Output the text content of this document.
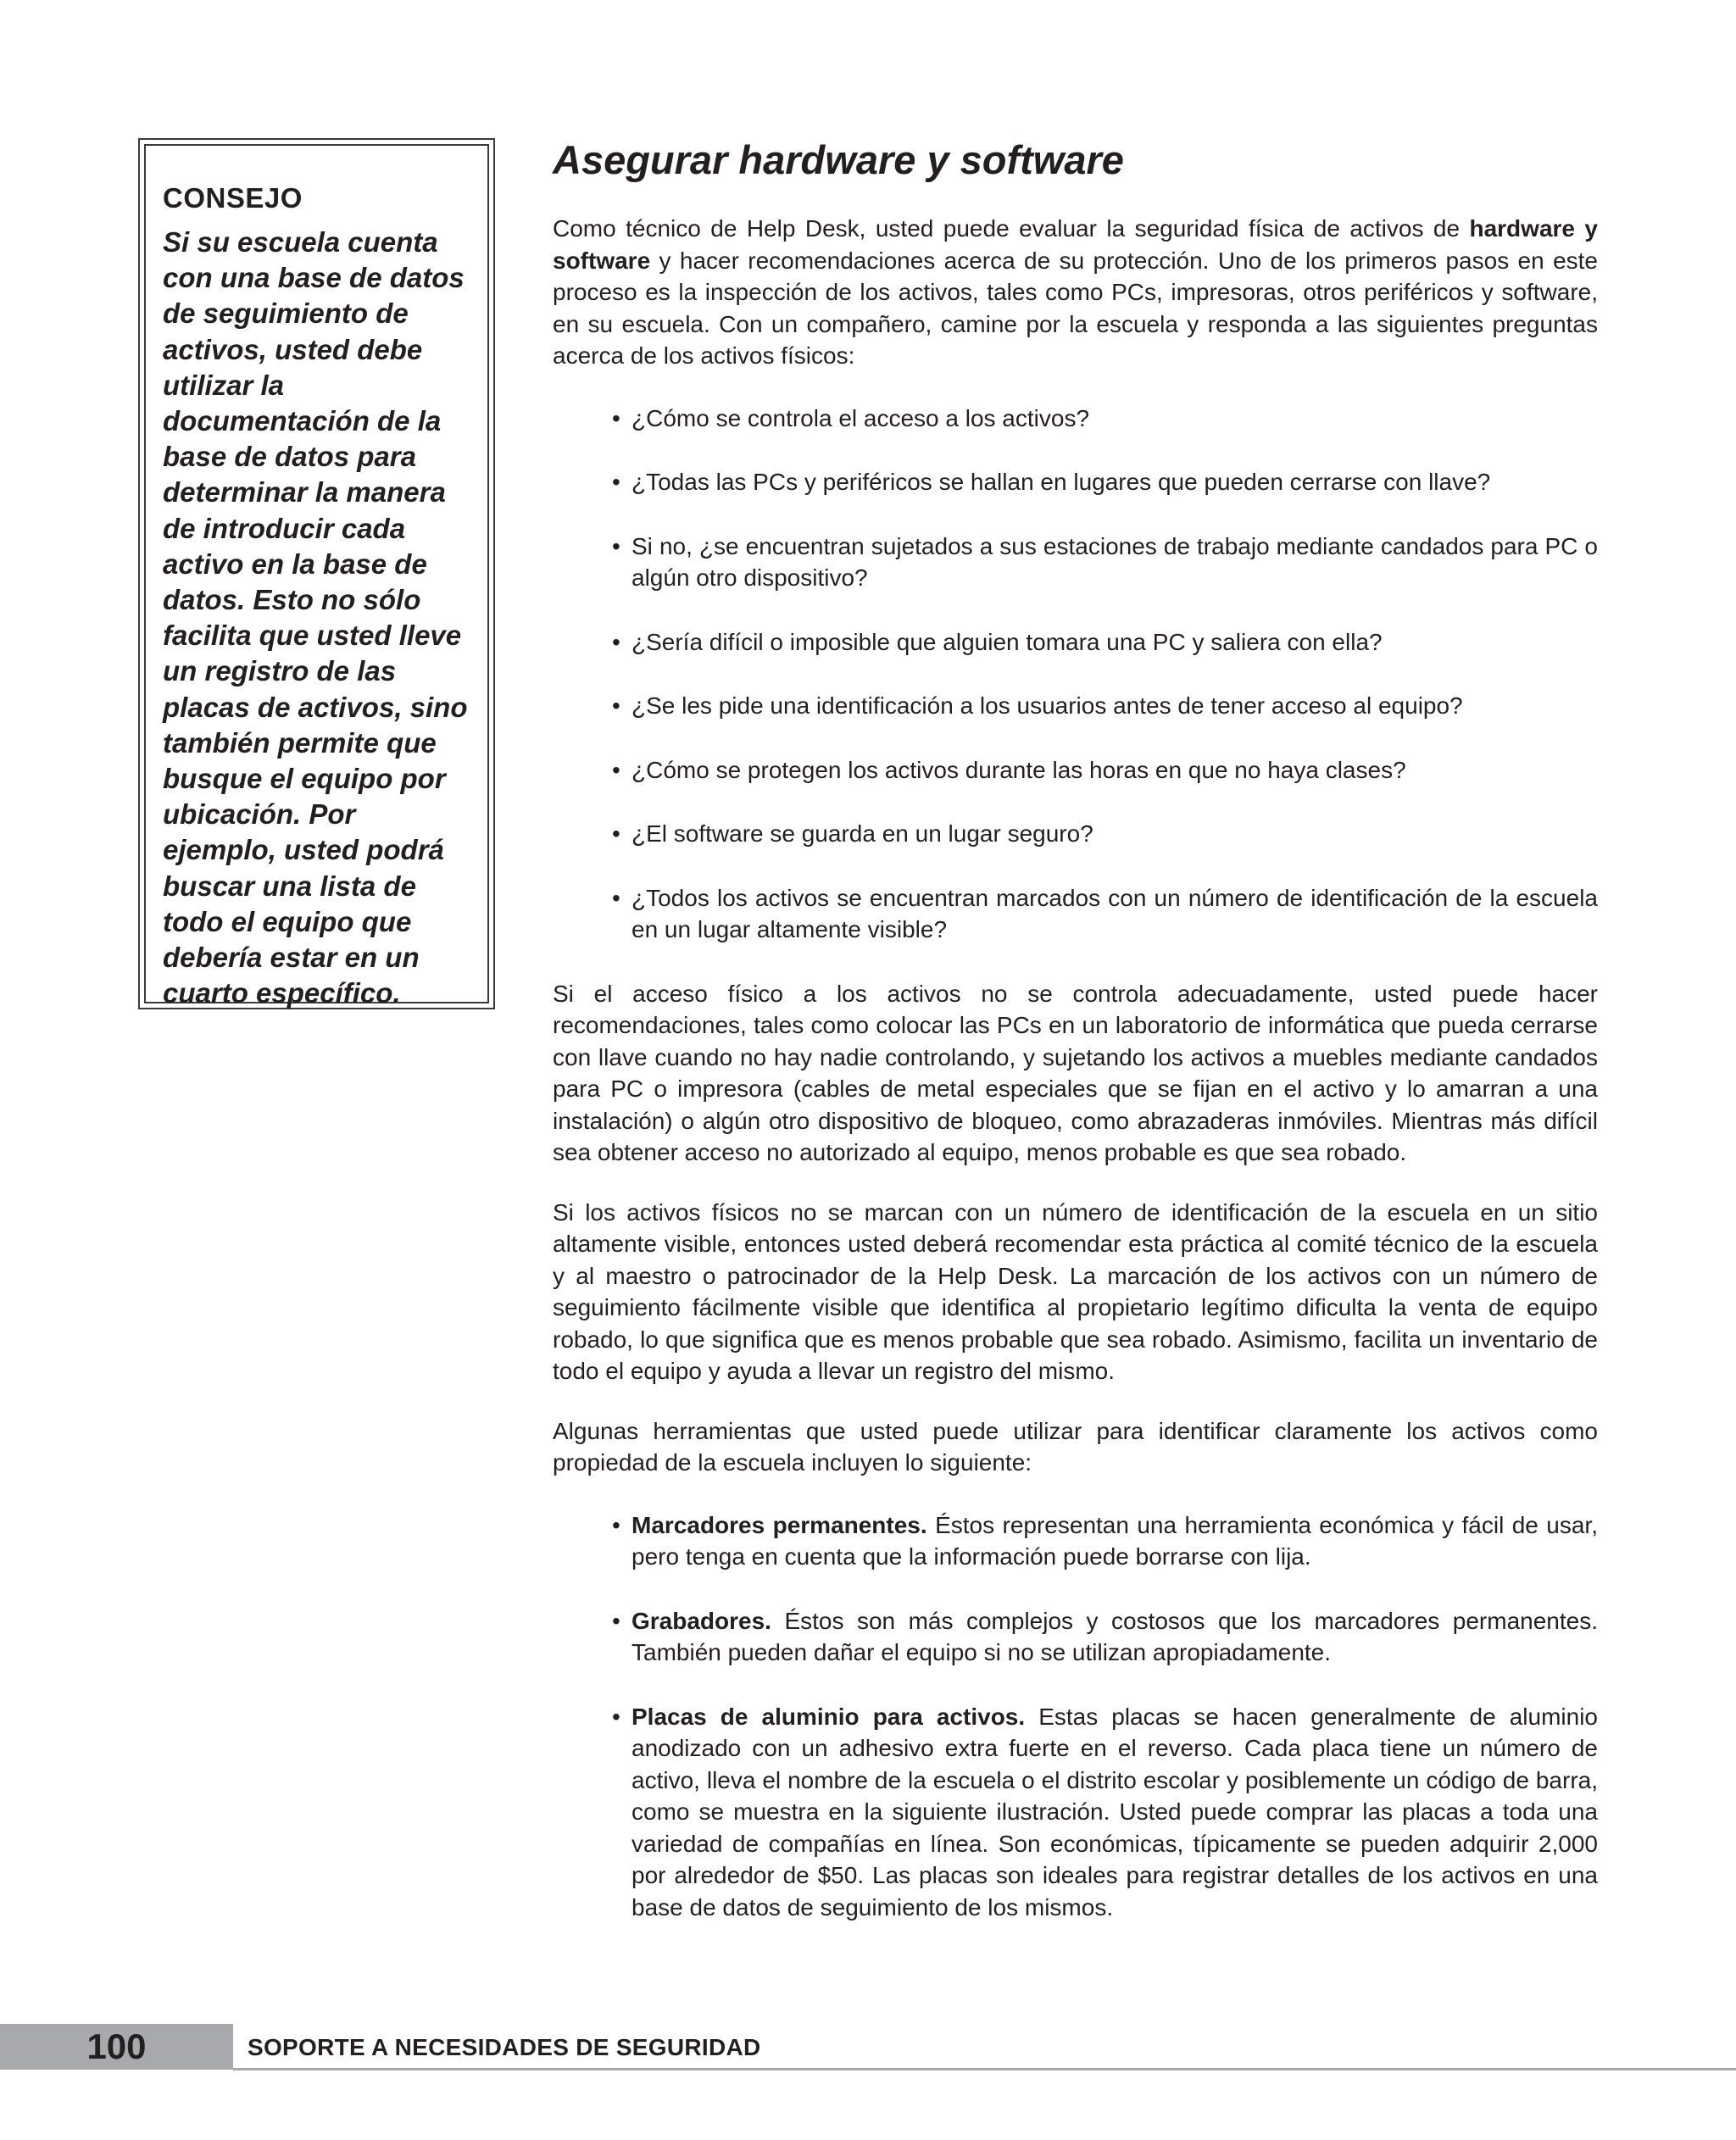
CONSEJO

Si su escuela cuenta con una base de datos de seguimiento de activos, usted debe utilizar la documentación de la base de datos para determinar la manera de introducir cada activo en la base de datos. Esto no sólo facilita que usted lleve un registro de las placas de activos, sino también permite que busque el equipo por ubicación. Por ejemplo, usted podrá buscar una lista de todo el equipo que debería estar en un cuarto específico.

Asegurar hardware y software

Como técnico de Help Desk, usted puede evaluar la seguridad física de activos de hardware y software y hacer recomendaciones acerca de su protección. Uno de los primeros pasos en este proceso es la inspección de los activos, tales como PCs, impresoras, otros periféricos y software, en su escuela. Con un compañero, camine por la escuela y responda a las siguientes preguntas acerca de los activos físicos:

• ¿Cómo se controla el acceso a los activos?
• ¿Todas las PCs y periféricos se hallan en lugares que pueden cerrarse con llave?
• Si no, ¿se encuentran sujetados a sus estaciones de trabajo mediante candados para PC o algún otro dispositivo?
• ¿Sería difícil o imposible que alguien tomara una PC y saliera con ella?
• ¿Se les pide una identificación a los usuarios antes de tener acceso al equipo?
• ¿Cómo se protegen los activos durante las horas en que no haya clases?
• ¿El software se guarda en un lugar seguro?
• ¿Todos los activos se encuentran marcados con un número de identificación de la escuela en un lugar altamente visible?

Si el acceso físico a los activos no se controla adecuadamente, usted puede hacer recomendaciones, tales como colocar las PCs en un laboratorio de informática que pueda cerrarse con llave cuando no hay nadie controlando, y sujetando los activos a muebles mediante candados para PC o impresora (cables de metal especiales que se fijan en el activo y lo amarran a una instalación) o algún otro dispositivo de bloqueo, como abrazaderas inmóviles. Mientras más difícil sea obtener acceso no autorizado al equipo, menos probable es que sea robado.

Si los activos físicos no se marcan con un número de identificación de la escuela en un sitio altamente visible, entonces usted deberá recomendar esta práctica al comité técnico de la escuela y al maestro o patrocinador de la Help Desk. La marcación de los activos con un número de seguimiento fácilmente visible que identifica al propietario legítimo dificulta la venta de equipo robado, lo que significa que es menos probable que sea robado. Asimismo, facilita un inventario de todo el equipo y ayuda a llevar un registro del mismo.

Algunas herramientas que usted puede utilizar para identificar claramente los activos como propiedad de la escuela incluyen lo siguiente:

• Marcadores permanentes. Éstos representan una herramienta económica y fácil de usar, pero tenga en cuenta que la información puede borrarse con lija.
• Grabadores. Éstos son más complejos y costosos que los marcadores permanentes. También pueden dañar el equipo si no se utilizan apropiadamente.
• Placas de aluminio para activos. Estas placas se hacen generalmente de aluminio anodizado con un adhesivo extra fuerte en el reverso. Cada placa tiene un número de activo, lleva el nombre de la escuela o el distrito escolar y posiblemente un código de barra, como se muestra en la siguiente ilustración. Usted puede comprar las placas a toda una variedad de compañías en línea. Son económicas, típicamente se pueden adquirir 2,000 por alrededor de $50. Las placas son ideales para registrar detalles de los activos en una base de datos de seguimiento de los mismos.

100	SOPORTE A NECESIDADES DE SEGURIDAD
